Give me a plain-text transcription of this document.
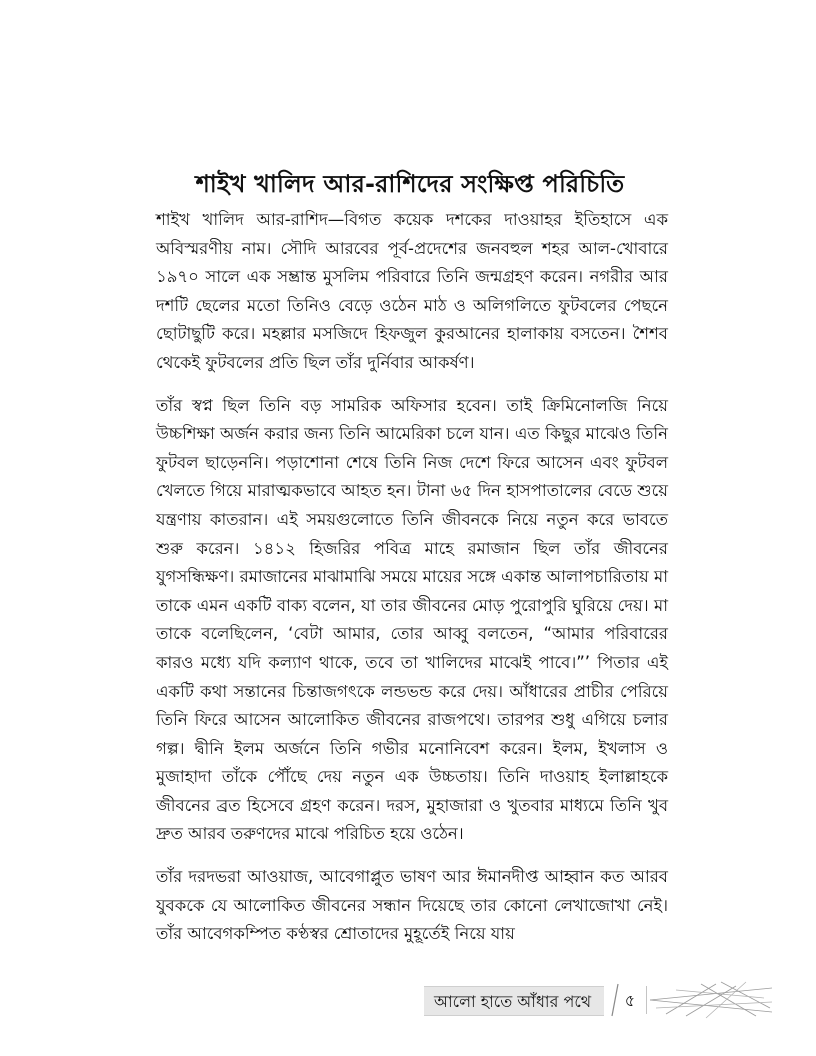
শাইখ খালিদ আর-রাশিদের সংক্ষিপ্ত পরিচিতি

শাইখ খালিদ আর-রাশিদ—বিগত কয়েক দশকের দাওয়াহর ইতিহাসে এক অবিস্মরণীয় নাম। সৌদি আরবের পূর্ব-প্রদেশের জনবহুল শহর আল-খোবারে ১৯৭০ সালে এক সম্ভ্রান্ত মুসলিম পরিবারে তিনি জন্মগ্রহণ করেন। নগরীর আর দশটি ছেলের মতো তিনিও বেড়ে ওঠেন মাঠ ও অলিগলিতে ফুটবলের পেছনে ছোটাছুটি করে। মহল্লার মসজিদে হিফজুল কুরআনের হালাকায় বসতেন। শৈশব থেকেই ফুটবলের প্রতি ছিল তাঁর দুর্নিবার আকর্ষণ।

তাঁর স্বপ্ন ছিল তিনি বড় সামরিক অফিসার হবেন। তাই ক্রিমিনোলজি নিয়ে উচ্চশিক্ষা অর্জন করার জন্য তিনি আমেরিকা চলে যান। এত কিছুর মাঝেও তিনি ফুটবল ছাড়েননি। পড়াশোনা শেষে তিনি নিজ দেশে ফিরে আসেন এবং ফুটবল খেলতে গিয়ে মারাত্মকভাবে আহত হন। টানা ৬৫ দিন হাসপাতালের বেডে শুয়ে যন্ত্রণায় কাতরান। এই সময়গুলোতে তিনি জীবনকে নিয়ে নতুন করে ভাবতে শুরু করেন। ১৪১২ হিজরির পবিত্র মাহে রমাজান ছিল তাঁর জীবনের যুগসন্ধিক্ষণ। রমাজানের মাঝামাঝি সময়ে মায়ের সঙ্গে একান্ত আলাপচারিতায় মা তাকে এমন একটি বাক্য বলেন, যা তার জীবনের মোড় পুরোপুরি ঘুরিয়ে দেয়। মা তাকে বলেছিলেন, ‘বেটা আমার, তোর আব্বু বলতেন, “আমার পরিবারের কারও মধ্যে যদি কল্যাণ থাকে, তবে তা খালিদের মাঝেই পাবে।”’ পিতার এই একটি কথা সন্তানের চিন্তাজগৎকে লন্ডভন্ড করে দেয়। আঁধারের প্রাচীর পেরিয়ে তিনি ফিরে আসেন আলোকিত জীবনের রাজপথে। তারপর শুধু এগিয়ে চলার গল্প। দ্বীনি ইলম অর্জনে তিনি গভীর মনোনিবেশ করেন। ইলম, ইখলাস ও মুজাহাদা তাঁকে পৌঁছে দেয় নতুন এক উচ্চতায়। তিনি দাওয়াহ ইলাল্লাহকে জীবনের ব্রত হিসেবে গ্রহণ করেন। দরস, মুহাজারা ও খুতবার মাধ্যমে তিনি খুব দ্রুত আরব তরুণদের মাঝে পরিচিত হয়ে ওঠেন।

তাঁর দরদভরা আওয়াজ, আবেগাপ্লুত ভাষণ আর ঈমানদীপ্ত আহ্বান কত আরব যুবককে যে আলোকিত জীবনের সন্ধান দিয়েছে তার কোনো লেখাজোখা নেই। তাঁর আবেগকম্পিত কণ্ঠস্বর শ্রোতাদের মুহূর্তেই নিয়ে যায়

আলো হাতে আঁধার পথে	৫
